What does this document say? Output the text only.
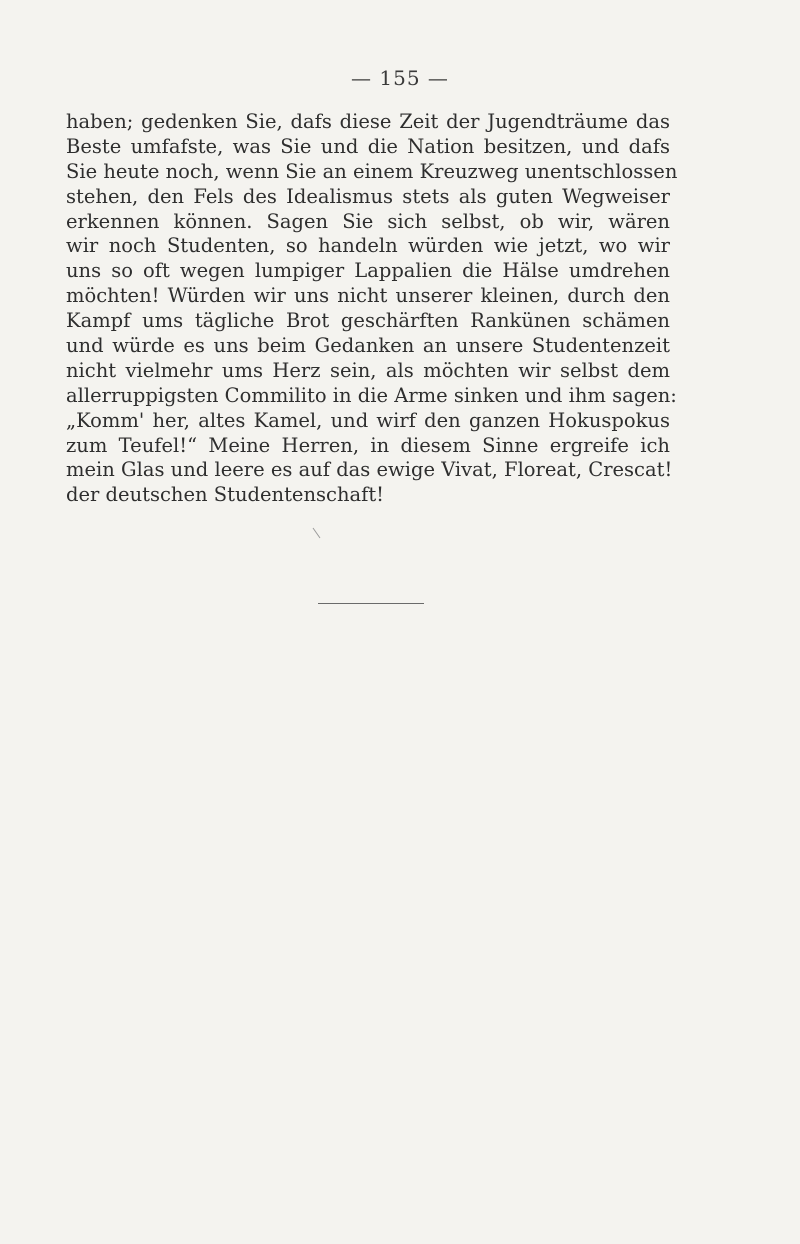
— 155 —
haben; gedenken Sie, dafs diese Zeit der Jugendträume das
Beste umfafste, was Sie und die Nation besitzen, und dafs
Sie heute noch, wenn Sie an einem Kreuzweg unentschlossen
stehen, den Fels des Idealismus stets als guten Wegweiser
erkennen können. Sagen Sie sich selbst, ob wir, wären
wir noch Studenten, so handeln würden wie jetzt, wo wir
uns so oft wegen lumpiger Lappalien die Hälse umdrehen
möchten! Würden wir uns nicht unserer kleinen, durch den
Kampf ums tägliche Brot geschärften Rankünen schämen
und würde es uns beim Gedanken an unsere Studentenzeit
nicht vielmehr ums Herz sein, als möchten wir selbst dem
allerruppigsten Commilito in die Arme sinken und ihm sagen:
„Komm' her, altes Kamel, und wirf den ganzen Hokuspokus
zum Teufel!“ Meine Herren, in diesem Sinne ergreife ich
mein Glas und leere es auf das ewige Vivat, Floreat, Crescat!
der deutschen Studentenschaft!
